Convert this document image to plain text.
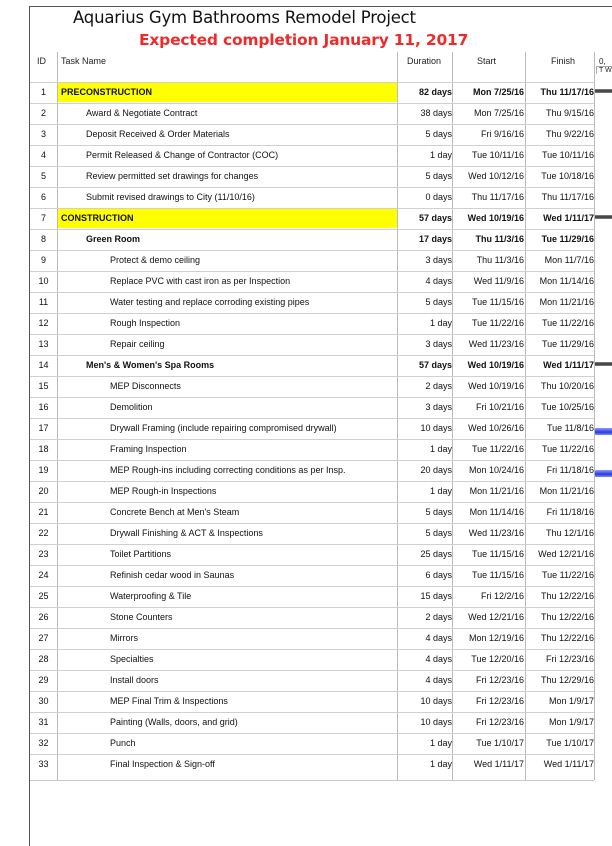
Aquarius Gym Bathrooms Remodel Project
Expected completion January 11, 2017
ID Task Name	Duration	Start	Finish	0,
T W
1	PRECONSTRUCTION	82 days	Mon 7/25/16	Thu 11/17/16
2	Award & Negotiate Contract	38 days	Mon 7/25/16	Thu 9/15/16
3	Deposit Received & Order Materials	5 days	Fri 9/16/16	Thu 9/22/16
4	Permit Released & Change of Contractor (COC)	1 day	Tue 10/11/16	Tue 10/11/16
5	Review permitted set drawings for changes	5 days	Wed 10/12/16	Tue 10/18/16
6	Submit revised drawings to City (11/10/16)	0 days	Thu 11/17/16	Thu 11/17/16
7	CONSTRUCTION	57 days	Wed 10/19/16	Wed 1/11/17
8	Green Room	17 days	Thu 11/3/16	Tue 11/29/16
9	Protect & demo ceiling	3 days	Thu 11/3/16	Mon 11/7/16
10	Replace PVC with cast iron as per Inspection	4 days	Wed 11/9/16	Mon 11/14/16
11	Water testing and replace corroding existing pipes	5 days	Tue 11/15/16	Mon 11/21/16
12	Rough Inspection	1 day	Tue 11/22/16	Tue 11/22/16
13	Repair ceiling	3 days	Wed 11/23/16	Tue 11/29/16
14	Men's & Women's Spa Rooms	57 days	Wed 10/19/16	Wed 1/11/17
15	MEP Disconnects	2 days	Wed 10/19/16	Thu 10/20/16
16	Demolition	3 days	Fri 10/21/16	Tue 10/25/16
17	Drywall Framing (include repairing compromised drywall)	10 days	Wed 10/26/16	Tue 11/8/16
18	Framing Inspection	1 day	Tue 11/22/16	Tue 11/22/16
19	MEP Rough-ins including correcting conditions as per Insp.	20 days	Mon 10/24/16	Fri 11/18/16
20	MEP Rough-in Inspections	1 day	Mon 11/21/16	Mon 11/21/16
21	Concrete Bench at Men's Steam	5 days	Mon 11/14/16	Fri 11/18/16
22	Drywall Finishing & ACT & Inspections	5 days	Wed 11/23/16	Thu 12/1/16
23	Toilet Partitions	25 days	Tue 11/15/16	Wed 12/21/16
24	Refinish cedar wood in Saunas	6 days	Tue 11/15/16	Tue 11/22/16
25	Waterproofing & Tile	15 days	Fri 12/2/16	Thu 12/22/16
26	Stone Counters	2 days	Wed 12/21/16	Thu 12/22/16
27	Mirrors	4 days	Mon 12/19/16	Thu 12/22/16
28	Specialties	4 days	Tue 12/20/16	Fri 12/23/16
29	Install doors	4 days	Fri 12/23/16	Thu 12/29/16
30	MEP Final Trim & Inspections	10 days	Fri 12/23/16	Mon 1/9/17
31	Painting (Walls, doors, and grid)	10 days	Fri 12/23/16	Mon 1/9/17
32	Punch	1 day	Tue 1/10/17	Tue 1/10/17
33	Final Inspection & Sign-off	1 day	Wed 1/11/17	Wed 1/11/17
